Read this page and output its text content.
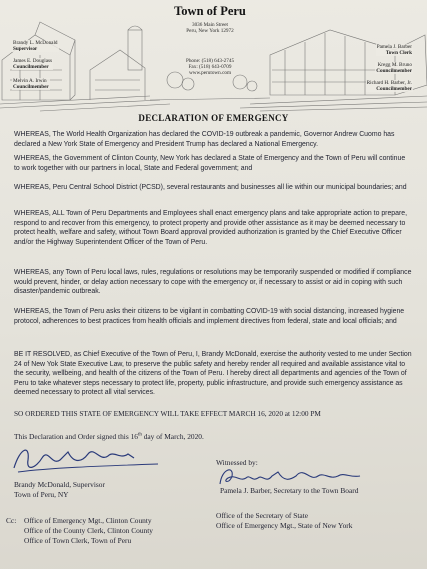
Town of Peru
3036 Main Street
Peru, New York 12972
Phone: (518) 643-2745
Fax: (518) 643-0709
www.perutown.com
Brandy L. McDonald
Supervisor
James E. Douglass
Councilmember
Melvin A. Irwin
Councilmember
Pamela J. Barber
Town Clerk
Kregg M. Bruno
Councilmember
Richard H. Barber, Jr.
Councilmember
DECLARATION OF EMERGENCY
WHEREAS, The World Health Organization has declared the COVID-19 outbreak a pandemic, Governor Andrew Cuomo has declared a New York State of Emergency and President Trump has declared a National Emergency.
WHEREAS, the Government of Clinton County, New York has declared a State of Emergency and the Town of Peru will continue to work together with our partners in local, State and Federal government; and
WHEREAS, Peru Central School District (PCSD), several restaurants and businesses all lie within our municipal boundaries; and
WHEREAS, ALL Town of Peru Departments and Employees shall enact emergency plans and take appropriate action to prepare, respond to and recover from this emergency, to protect property and provide other assistance as it may be deemed necessary to protect health, welfare and safety, without Town Board approval provided authorization is granted by the Chief Executive Officer and/or the Highway Superintendent Officer of the Town of Peru.
WHEREAS, any Town of Peru local laws, rules, regulations or resolutions may be temporarily suspended or modified if compliance would prevent, hinder, or delay action necessary to cope with the emergency or, if necessary to assist or aid in coping with such disaster/pandemic outbreak.
WHEREAS, the Town of Peru asks their citizens to be vigilant in combatting COVID-19 with social distancing, increased hygiene protocol, adherences to best practices from health officials and implement directives from federal, state and local officials; and
BE IT RESOLVED, as Chief Executive of the Town of Peru, I, Brandy McDonald, exercise the authority vested to me under Section 24 of New Yok State Executive Law, to preserve the public safety and hereby render all required and available assistance vital to the security, wellbeing, and health of the citizens of the Town of Peru. I hereby direct all departments and agencies of the Town of Peru to take whatever steps necessary to protect life, property, public infrastructure, and provide such emergency assistance as deemed necessary to protect all vital services.
SO ORDERED THIS STATE OF EMERGENCY WILL TAKE EFFECT MARCH 16, 2020 at 12:00 PM
This Declaration and Order signed this 16th day of March, 2020.
Witnessed by:
Brandy McDonald, Supervisor
Town of Peru, NY	Pamela J. Barber, Secretary to the Town Board
Cc: Office of Emergency Mgt., Clinton County
Office of the County Clerk, Clinton County
Office of Town Clerk, Town of Peru
Office of the Secretary of State
Office of Emergency Mgt., State of New York
